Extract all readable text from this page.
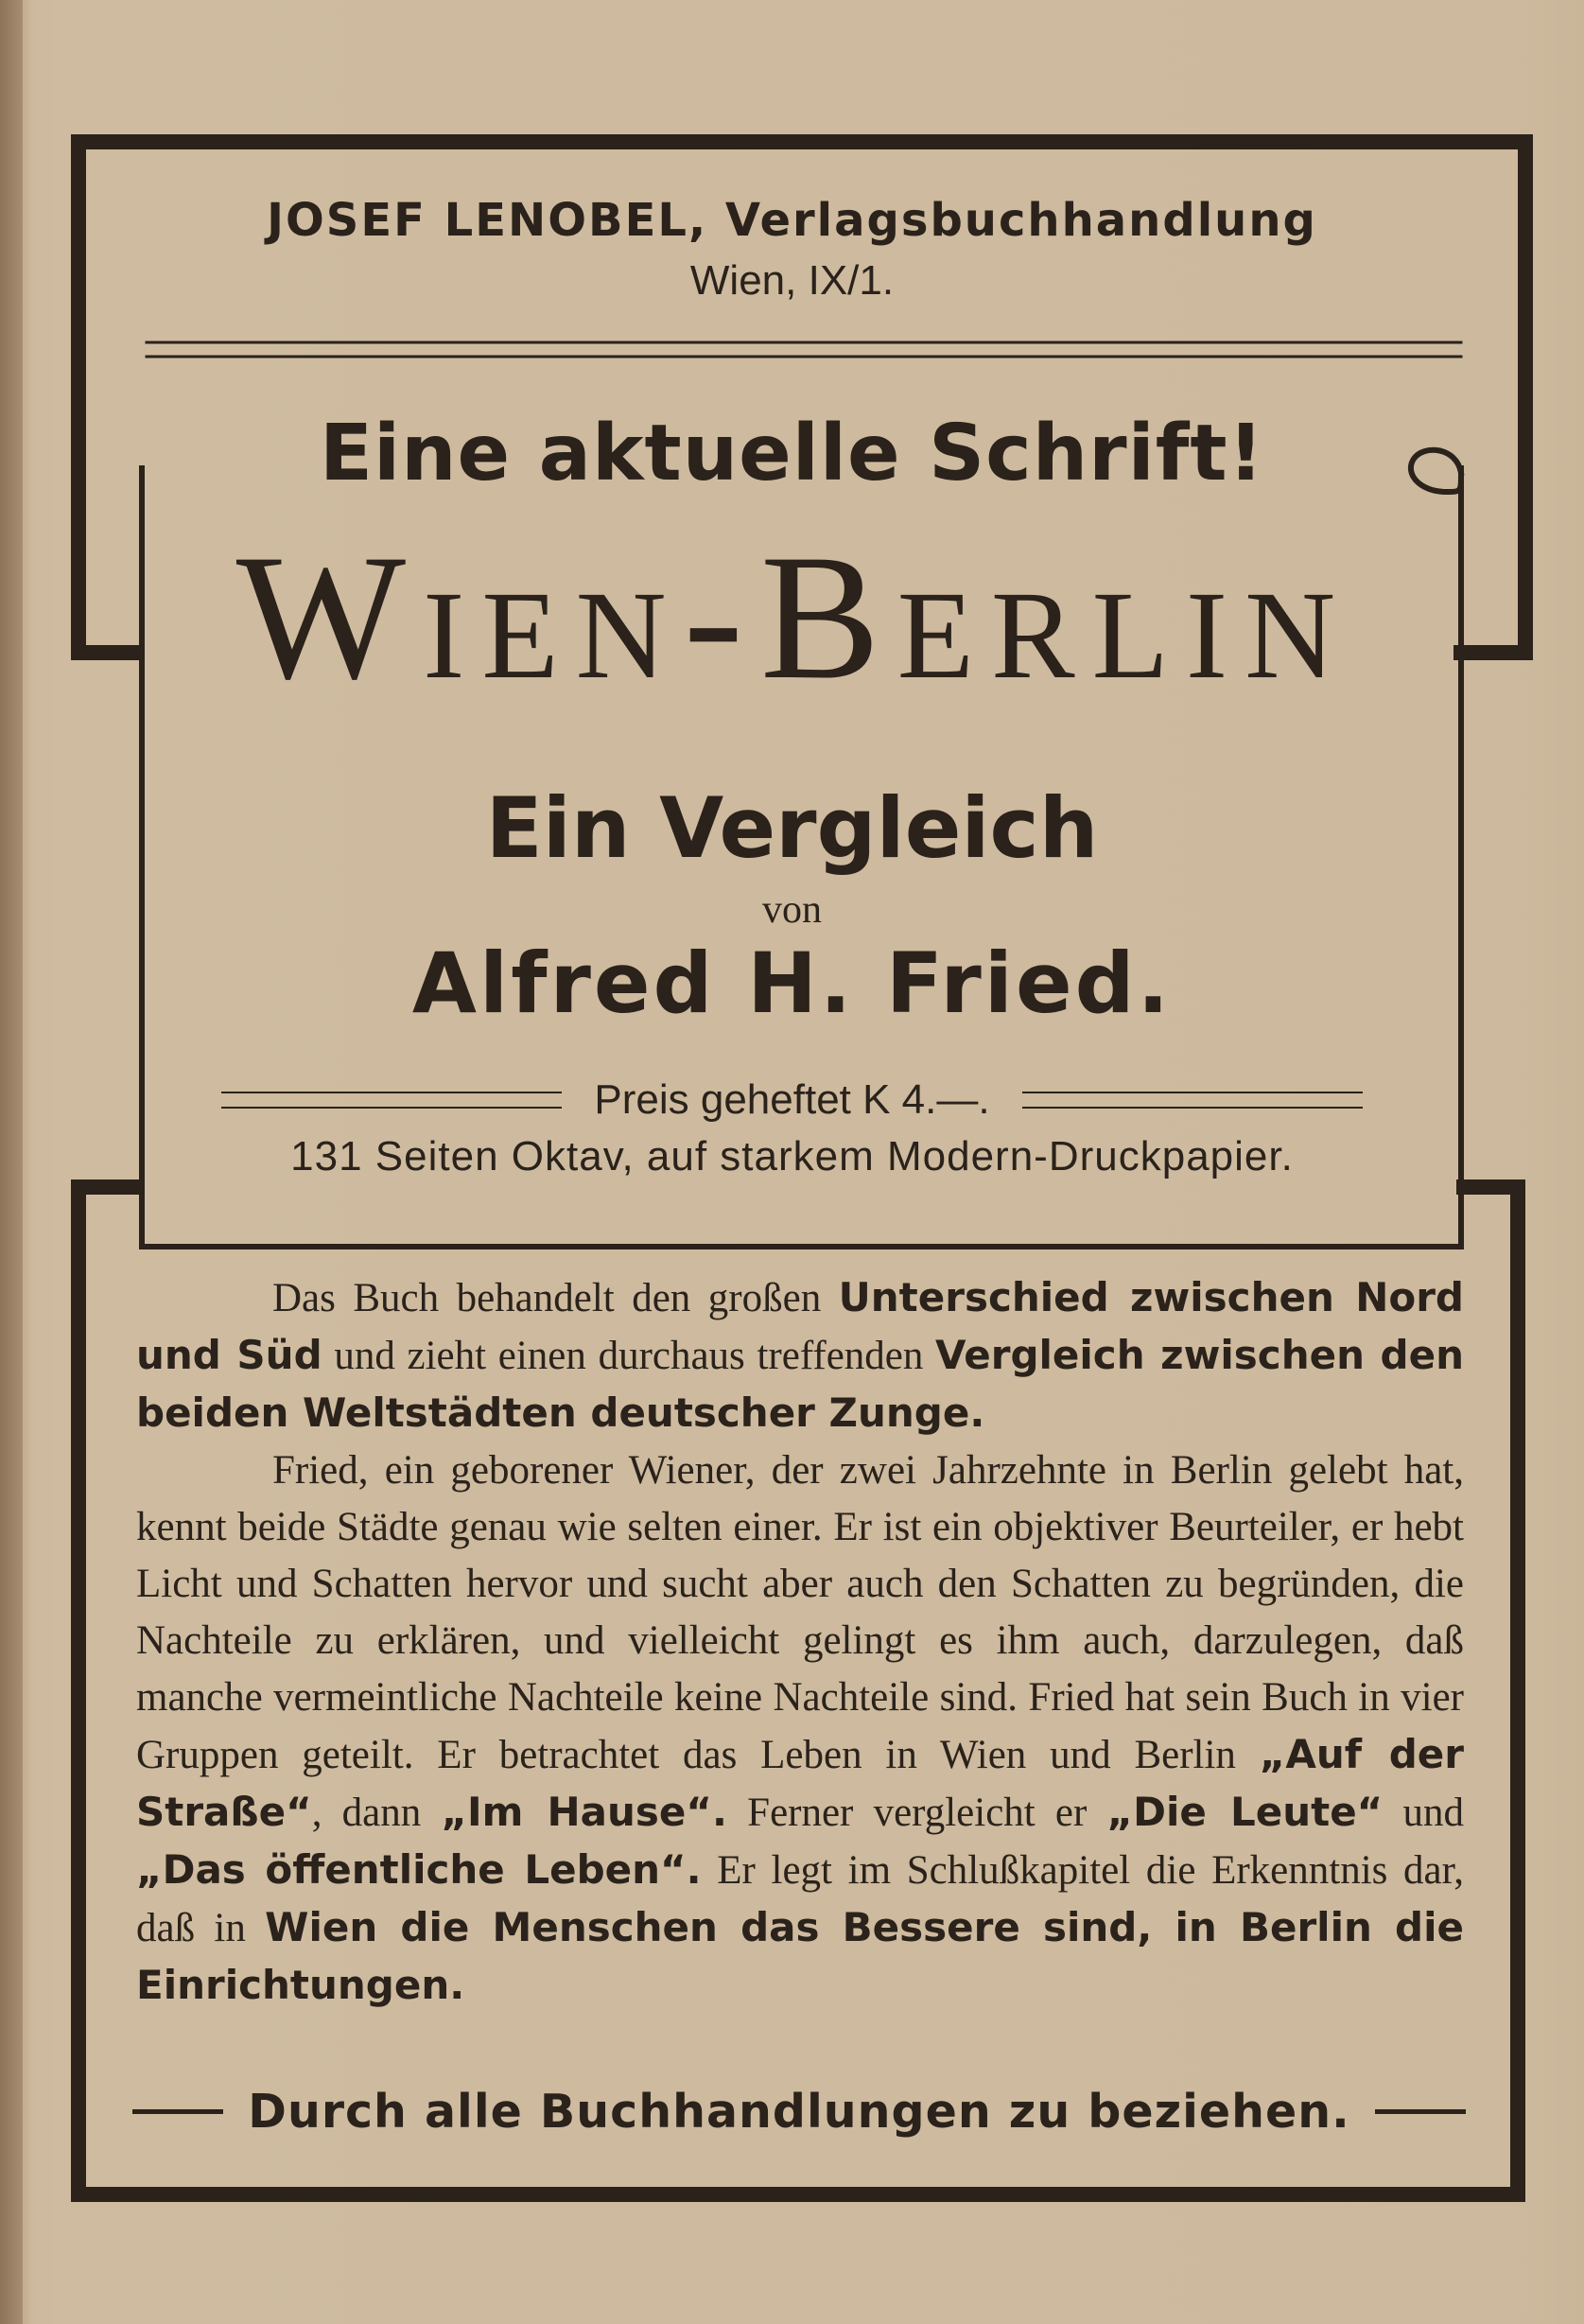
JOSEF LENOBEL, Verlagsbuchhandlung
Wien, IX/1.
Eine aktuelle Schrift!
Wien-Berlin
Ein Vergleich
von
Alfred H. Fried.
Preis geheftet K 4.—.
131 Seiten Oktav, auf starkem Modern-Druckpapier.

Das Buch behandelt den großen Unterschied zwischen Nord und Süd und zieht einen durchaus treffenden Vergleich zwischen den beiden Weltstädten deutscher Zunge.

Fried, ein geborener Wiener, der zwei Jahrzehnte in Berlin gelebt hat, kennt beide Städte genau wie selten einer. Er ist ein objektiver Beurteiler, er hebt Licht und Schatten hervor und sucht aber auch den Schatten zu begründen, die Nachteile zu erklären, und vielleicht gelingt es ihm auch, darzulegen, daß manche vermeintliche Nachteile keine Nachteile sind. Fried hat sein Buch in vier Gruppen geteilt. Er betrachtet das Leben in Wien und Berlin „Auf der Straße“, dann „Im Hause“. Ferner vergleicht er „Die Leute“ und „Das öffentliche Leben“. Er legt im Schlußkapitel die Erkenntnis dar, daß in Wien die Menschen das Bessere sind, in Berlin die Einrichtungen.

Durch alle Buchhandlungen zu beziehen.
